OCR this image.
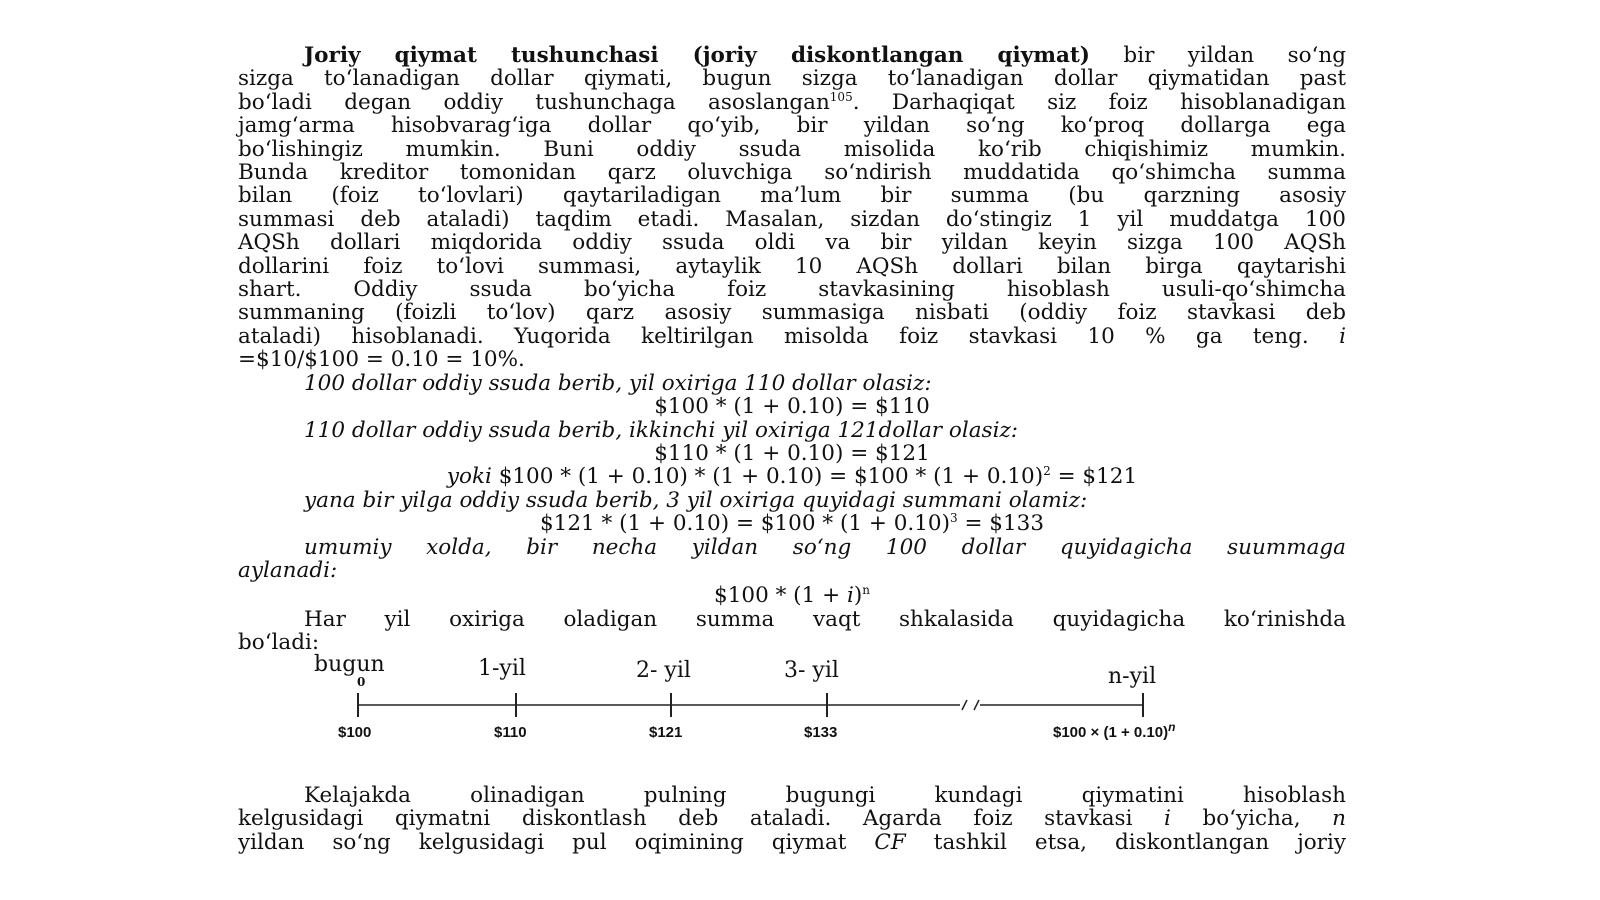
Joriy qiymat tushunchasi (joriy diskontlangan qiymat) bir yildan so‘ng

sizga to‘lanadigan dollar qiymati, bugun sizga to‘lanadigan dollar qiymatidan past

bo‘ladi degan oddiy tushunchaga asoslangan$^{105}$. Darhaqiqat siz foiz hisoblanadigan

jamg‘arma hisobvarag‘iga dollar qo‘yib, bir yildan so‘ng ko‘proq dollarga ega

bo‘lishingiz mumkin. Buni oddiy ssuda misolida ko‘rib chiqishimiz mumkin.

Bunda kreditor tomonidan qarz oluvchiga so‘ndirish muddatida qo‘shimcha summa

bilan (foiz to‘lovlari) qaytariladigan ma’lum bir summa (bu qarzning asosiy

summasi deb ataladi) taqdim etadi. Masalan, sizdan do‘stingiz 1 yil muddatga 100

AQSh dollari miqdorida oddiy ssuda oldi va bir yildan keyin sizga 100 AQSh

dollarini foiz to‘lovi summasi, aytaylik 10 AQSh dollari bilan birga qaytarishi

shart. Oddiy ssuda bo‘yicha foiz stavkasining hisoblash usuli-qo‘shimcha

summaning (foizli to‘lov) qarz asosiy summasiga nisbati (oddiy foiz stavkasi deb

ataladi) hisoblanadi. Yuqorida keltirilgan misolda foiz stavkasi 10 % ga teng. i

=$10/$100 = 0.10 = 10%.

100 dollar oddiy ssuda berib, yil oxiriga 110 dollar olasiz:

$100 * (1 + 0.10) = $110

110 dollar oddiy ssuda berib, ikkinchi yil oxiriga 121dollar olasiz:

$110 * (1 + 0.10) = $121

yoki $100 * (1 + 0.10) * (1 + 0.10) = $100 * $(1 + 0.10)^2$ = $121

yana bir yilga oddiy ssuda berib, 3 yil oxiriga quyidagi summani olamiz:

$121 * (1 + 0.10) = $100 * $(1 + 0.10)^3$ = $133

umumiy xolda, bir necha yildan so‘ng 100 dollar quyidagicha suummaga

aylanadi:

$100 * $(1 + i)^n$

Har yil oxiriga oladigan summa vaqt shkalasida quyidagicha ko‘rinishda

bo‘ladi:

bugun
0
1-yil	2- yil	3- yil	n-yil
$100	$110	$121	$133	$100 × $(1 + 0.10)^n$

Kelajakda olinadigan pulning bugungi kundagi qiymatini hisoblash

kelgusidagi qiymatni diskontlash deb ataladi. Agarda foiz stavkasi i bo‘yicha, n

yildan so‘ng kelgusidagi pul oqimining qiymat CF tashkil etsa, diskontlangan joriy
